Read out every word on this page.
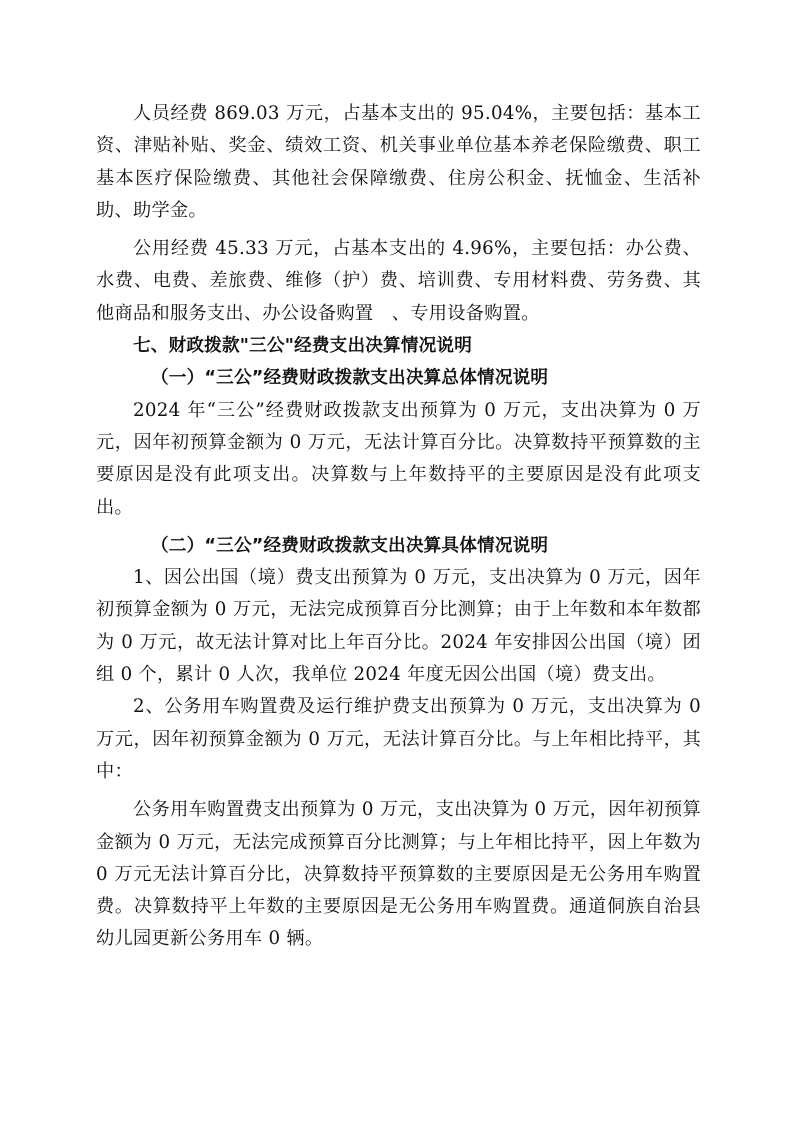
人员经费 869.03 万元，占基本支出的 95.04%，主要包括：基本工资、津贴补贴、奖金、绩效工资、机关事业单位基本养老保险缴费、职工基本医疗保险缴费、其他社会保障缴费、住房公积金、抚恤金、生活补助、助学金。

公用经费 45.33 万元，占基本支出的 4.96%，主要包括：办公费、水费、电费、差旅费、维修（护）费、培训费、专用材料费、劳务费、其他商品和服务支出、办公设备购置　、专用设备购置。

七、财政拨款"三公"经费支出决算情况说明

（一）“三公”经费财政拨款支出决算总体情况说明

2024 年“三公”经费财政拨款支出预算为 0 万元，支出决算为 0 万元，因年初预算金额为 0 万元，无法计算百分比。决算数持平预算数的主要原因是没有此项支出。决算数与上年数持平的主要原因是没有此项支出。

（二）“三公”经费财政拨款支出决算具体情况说明

1、因公出国（境）费支出预算为 0 万元，支出决算为 0 万元，因年初预算金额为 0 万元，无法完成预算百分比测算；由于上年数和本年数都为 0 万元，故无法计算对比上年百分比。2024 年安排因公出国（境）团组 0 个，累计 0 人次，我单位 2024 年度无因公出国（境）费支出。

2、公务用车购置费及运行维护费支出预算为 0 万元，支出决算为 0 万元，因年初预算金额为 0 万元，无法计算百分比。与上年相比持平，其中：

公务用车购置费支出预算为 0 万元，支出决算为 0 万元，因年初预算金额为 0 万元，无法完成预算百分比测算；与上年相比持平，因上年数为 0 万元无法计算百分比，决算数持平预算数的主要原因是无公务用车购置费。决算数持平上年数的主要原因是无公务用车购置费。通道侗族自治县幼儿园更新公务用车 0 辆。
